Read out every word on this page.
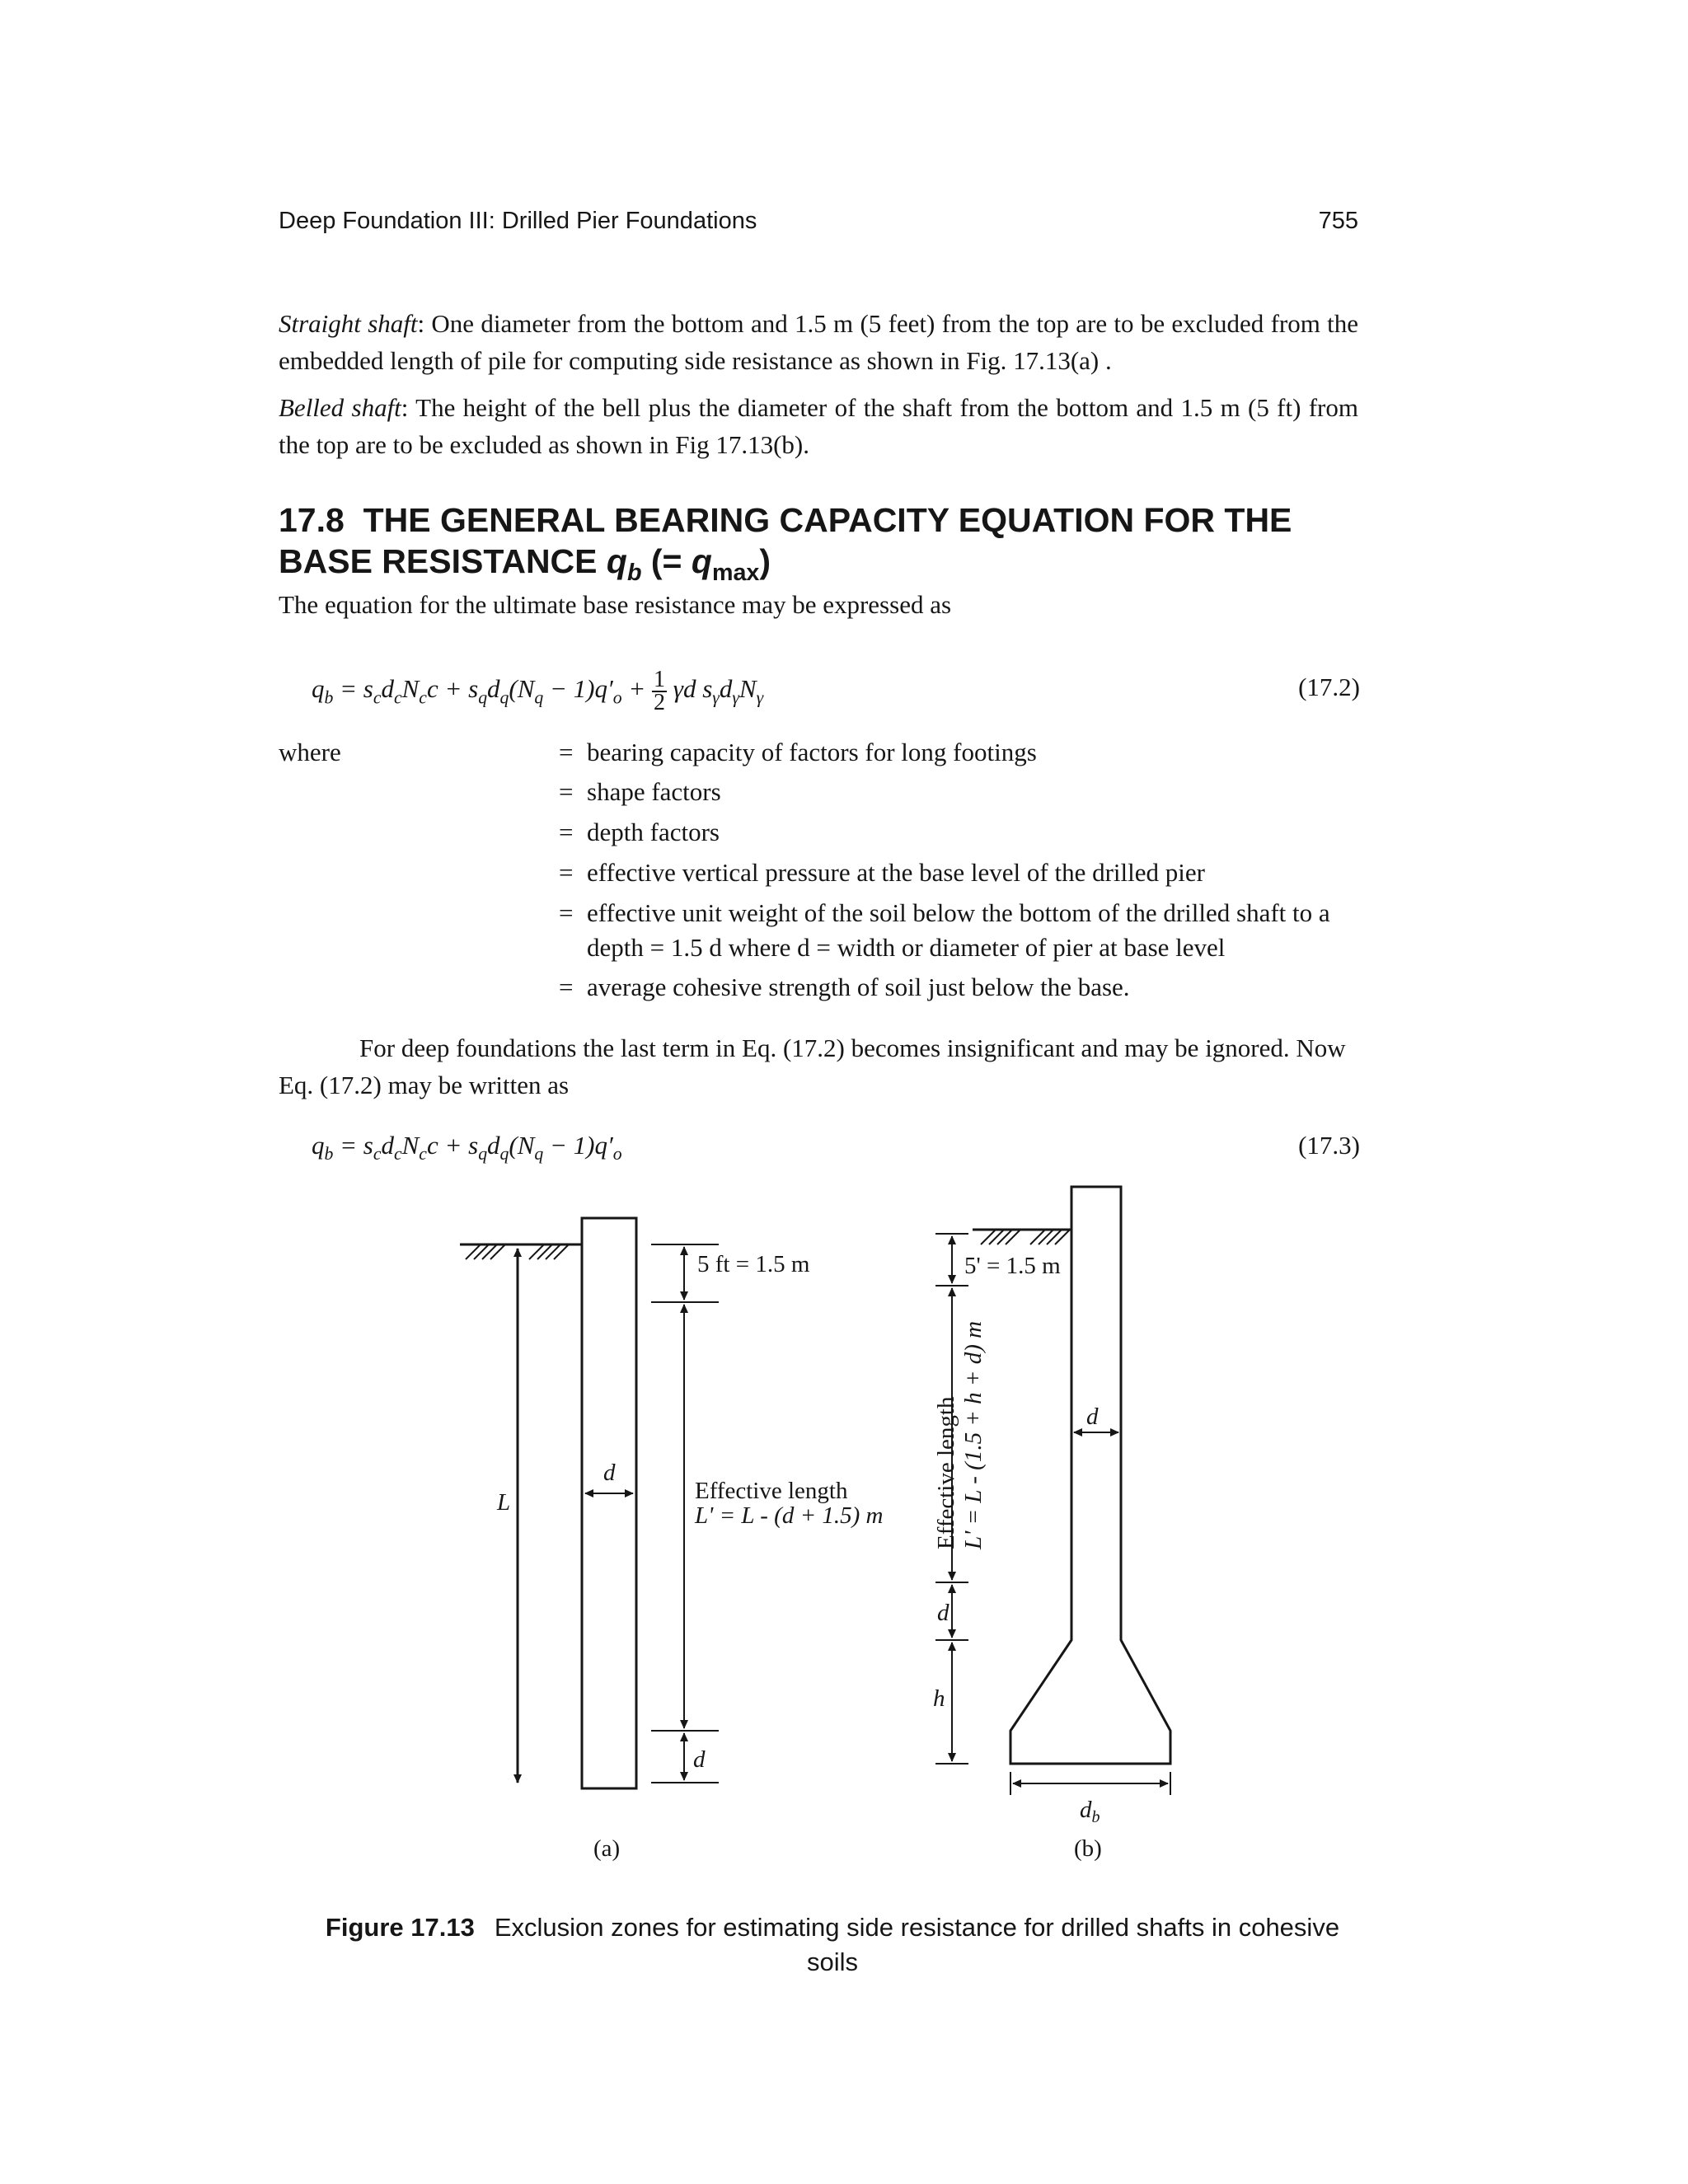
Deep Foundation III: Drilled Pier Foundations	755
Straight shaft: One diameter from the bottom and 1.5 m (5 feet) from the top are to be excluded from the embedded length of pile for computing side resistance as shown in Fig. 17.13(a) .
Belled shaft: The height of the bell plus the diameter of the shaft from the bottom and 1.5 m (5 ft) from the top are to be excluded as shown in Fig 17.13(b).
17.8 THE GENERAL BEARING CAPACITY EQUATION FOR THE
BASE RESISTANCE $q_b$ (= $q_{max}$)
The equation for the ultimate base resistance may be expressed as
$q_b = s_cd_cN_cc + s_qd_q(N_q - 1)q'_o + \frac{1}{2}$ γd $s_\gamma d_\gamma N_\gamma$	(17.2)
where	= bearing capacity of factors for long footings
= shape factors
= depth factors
= effective vertical pressure at the base level of the drilled pier
= effective unit weight of the soil below the bottom of the drilled shaft to a depth = 1.5 d where d = width or diameter of pier at base level
= average cohesive strength of soil just below the base.
For deep foundations the last term in Eq. (17.2) becomes insignificant and may be ignored. Now Eq. (17.2) may be written as
$q_b = s_cd_cN_cc + s_qd_q(N_q - 1)q'_o$	(17.3)
5 ft = 1.5 m
L
d
Effective length
L' = L - (d + 1.5) m
d
(a)
5' = 1.5 m
Effective length L' = L - (1.5 + h + d) m	d
d
h
$d_b$
(b)
Figure 17.13 Exclusion zones for estimating side resistance for drilled shafts in cohesive soils
